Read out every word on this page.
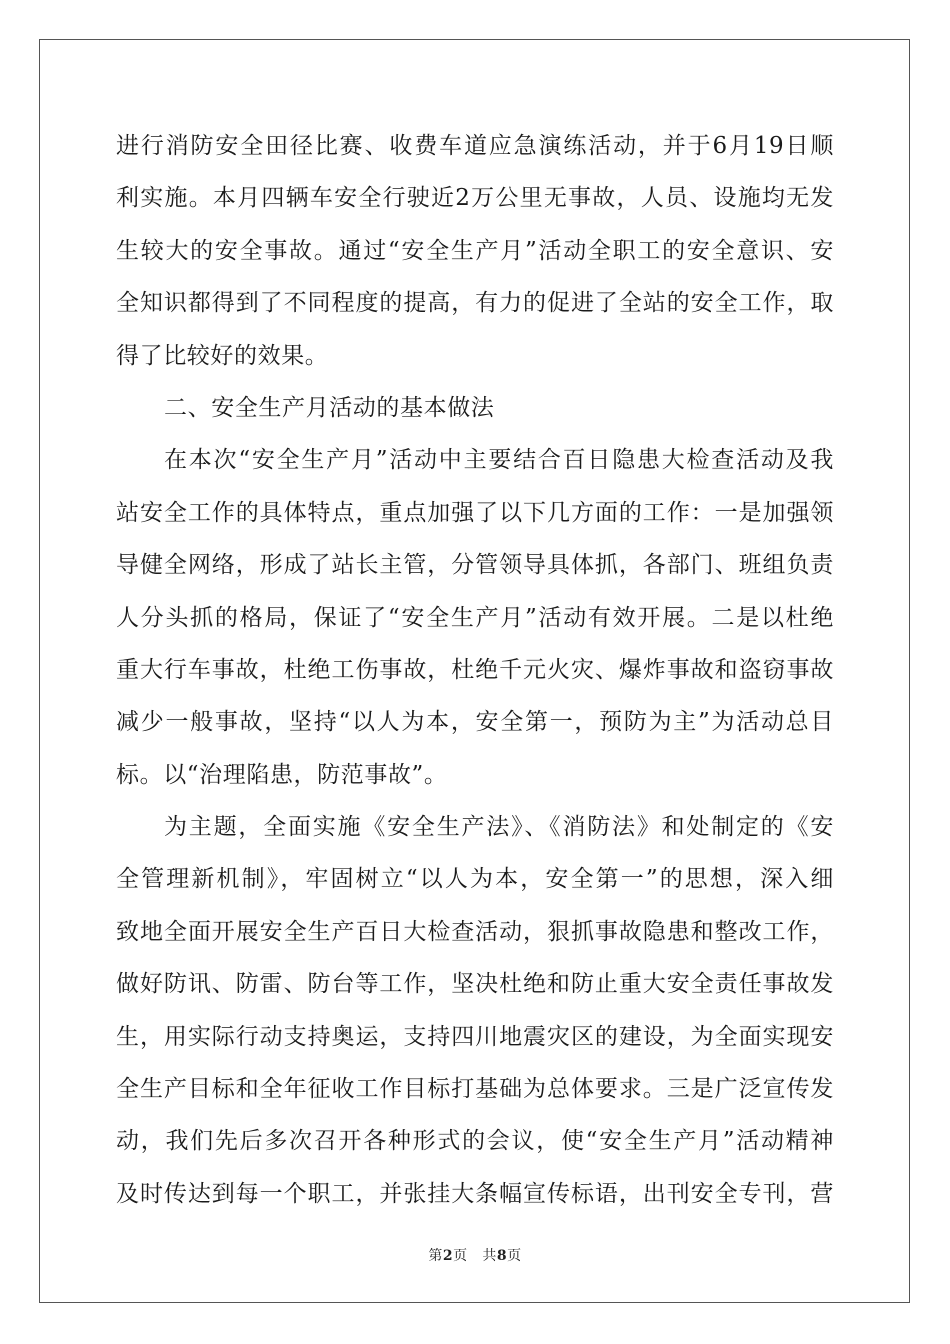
进行消防安全田径比赛、收费车道应急演练活动，并于6月19日顺
利实施。本月四辆车安全行驶近2万公里无事故，人员、设施均无发
生较大的安全事故。通过“安全生产月”活动全职工的安全意识、安
全知识都得到了不同程度的提高，有力的促进了全站的安全工作，取
得了比较好的效果。
二、安全生产月活动的基本做法
在本次“安全生产月”活动中主要结合百日隐患大检查活动及我
站安全工作的具体特点，重点加强了以下几方面的工作：一是加强领
导健全网络，形成了站长主管，分管领导具体抓，各部门、班组负责
人分头抓的格局，保证了“安全生产月”活动有效开展。二是以杜绝
重大行车事故，杜绝工伤事故，杜绝千元火灾、爆炸事故和盗窃事故
减少一般事故，坚持“以人为本，安全第一，预防为主”为活动总目
标。以“治理陷患，防范事故”。
为主题，全面实施《安全生产法》、《消防法》和处制定的《安
全管理新机制》，牢固树立“以人为本，安全第一”的思想，深入细
致地全面开展安全生产百日大检查活动，狠抓事故隐患和整改工作，
做好防讯、防雷、防台等工作，坚决杜绝和防止重大安全责任事故发
生，用实际行动支持奥运，支持四川地震灾区的建设，为全面实现安
全生产目标和全年征收工作目标打基础为总体要求。三是广泛宣传发
动，我们先后多次召开各种形式的会议，使“安全生产月”活动精神
及时传达到每一个职工，并张挂大条幅宣传标语，出刊安全专刊，营
第2页 共8页
